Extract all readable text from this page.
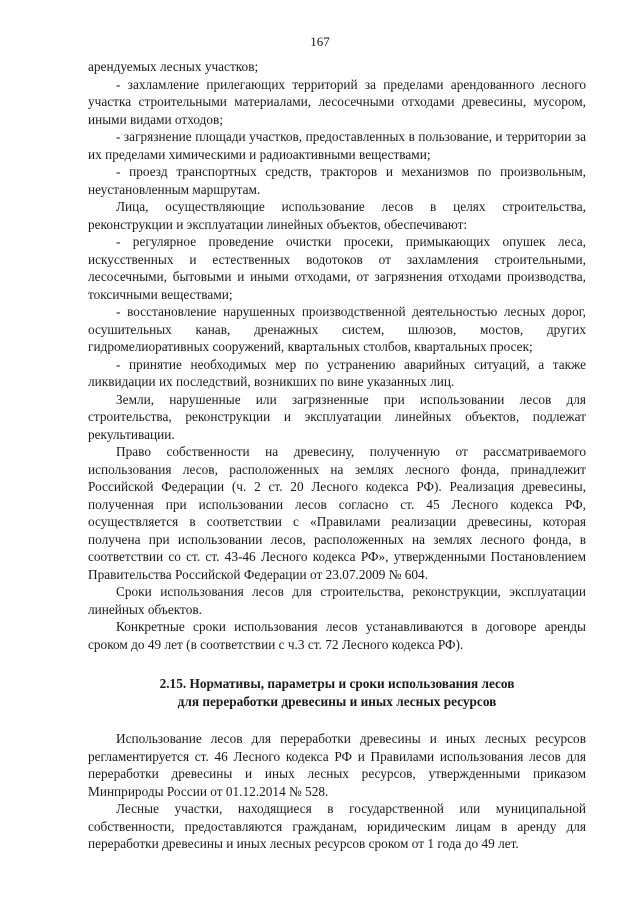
167

арендуемых лесных участков;

- захламление прилегающих территорий за пределами арендованного лесного участка строительными материалами, лесосечными отходами древесины, мусором, иными видами отходов;

- загрязнение площади участков, предоставленных в пользование, и территории за их пределами химическими и радиоактивными веществами;

- проезд транспортных средств, тракторов и механизмов по произвольным, неустановленным маршрутам.

Лица, осуществляющие использование лесов в целях строительства, реконструкции и эксплуатации линейных объектов, обеспечивают:

- регулярное проведение очистки просеки, примыкающих опушек леса, искусственных и естественных водотоков от захламления строительными, лесосечными, бытовыми и иными отходами, от загрязнения отходами производства, токсичными веществами;

- восстановление нарушенных производственной деятельностью лесных дорог, осушительных канав, дренажных систем, шлюзов, мостов, других гидромелиоративных сооружений, квартальных столбов, квартальных просек;

- принятие необходимых мер по устранению аварийных ситуаций, а также ликвидации их последствий, возникших по вине указанных лиц.

Земли, нарушенные или загрязненные при использовании лесов для строительства, реконструкции и эксплуатации линейных объектов, подлежат рекультивации.

Право собственности на древесину, полученную от рассматриваемого использования лесов, расположенных на землях лесного фонда, принадлежит Российской Федерации (ч. 2 ст. 20 Лесного кодекса РФ). Реализация древесины, полученная при использовании лесов согласно ст. 45 Лесного кодекса РФ, осуществляется в соответствии с «Правилами реализации древесины, которая получена при использовании лесов, расположенных на землях лесного фонда, в соответствии со ст. ст. 43-46 Лесного кодекса РФ», утвержденными Постановлением Правительства Российской Федерации от 23.07.2009 № 604.

Сроки использования лесов для строительства, реконструкции, эксплуатации линейных объектов.

Конкретные сроки использования лесов устанавливаются в договоре аренды сроком до 49 лет (в соответствии с ч.3 ст. 72 Лесного кодекса РФ).

2.15. Нормативы, параметры и сроки использования лесов
для переработки древесины и иных лесных ресурсов

Использование лесов для переработки древесины и иных лесных ресурсов регламентируется ст. 46 Лесного кодекса РФ и Правилами использования лесов для переработки древесины и иных лесных ресурсов, утвержденными приказом Минприроды России от 01.12.2014 № 528.

Лесные участки, находящиеся в государственной или муниципальной собственности, предоставляются гражданам, юридическим лицам в аренду для переработки древесины и иных лесных ресурсов сроком от 1 года до 49 лет.
